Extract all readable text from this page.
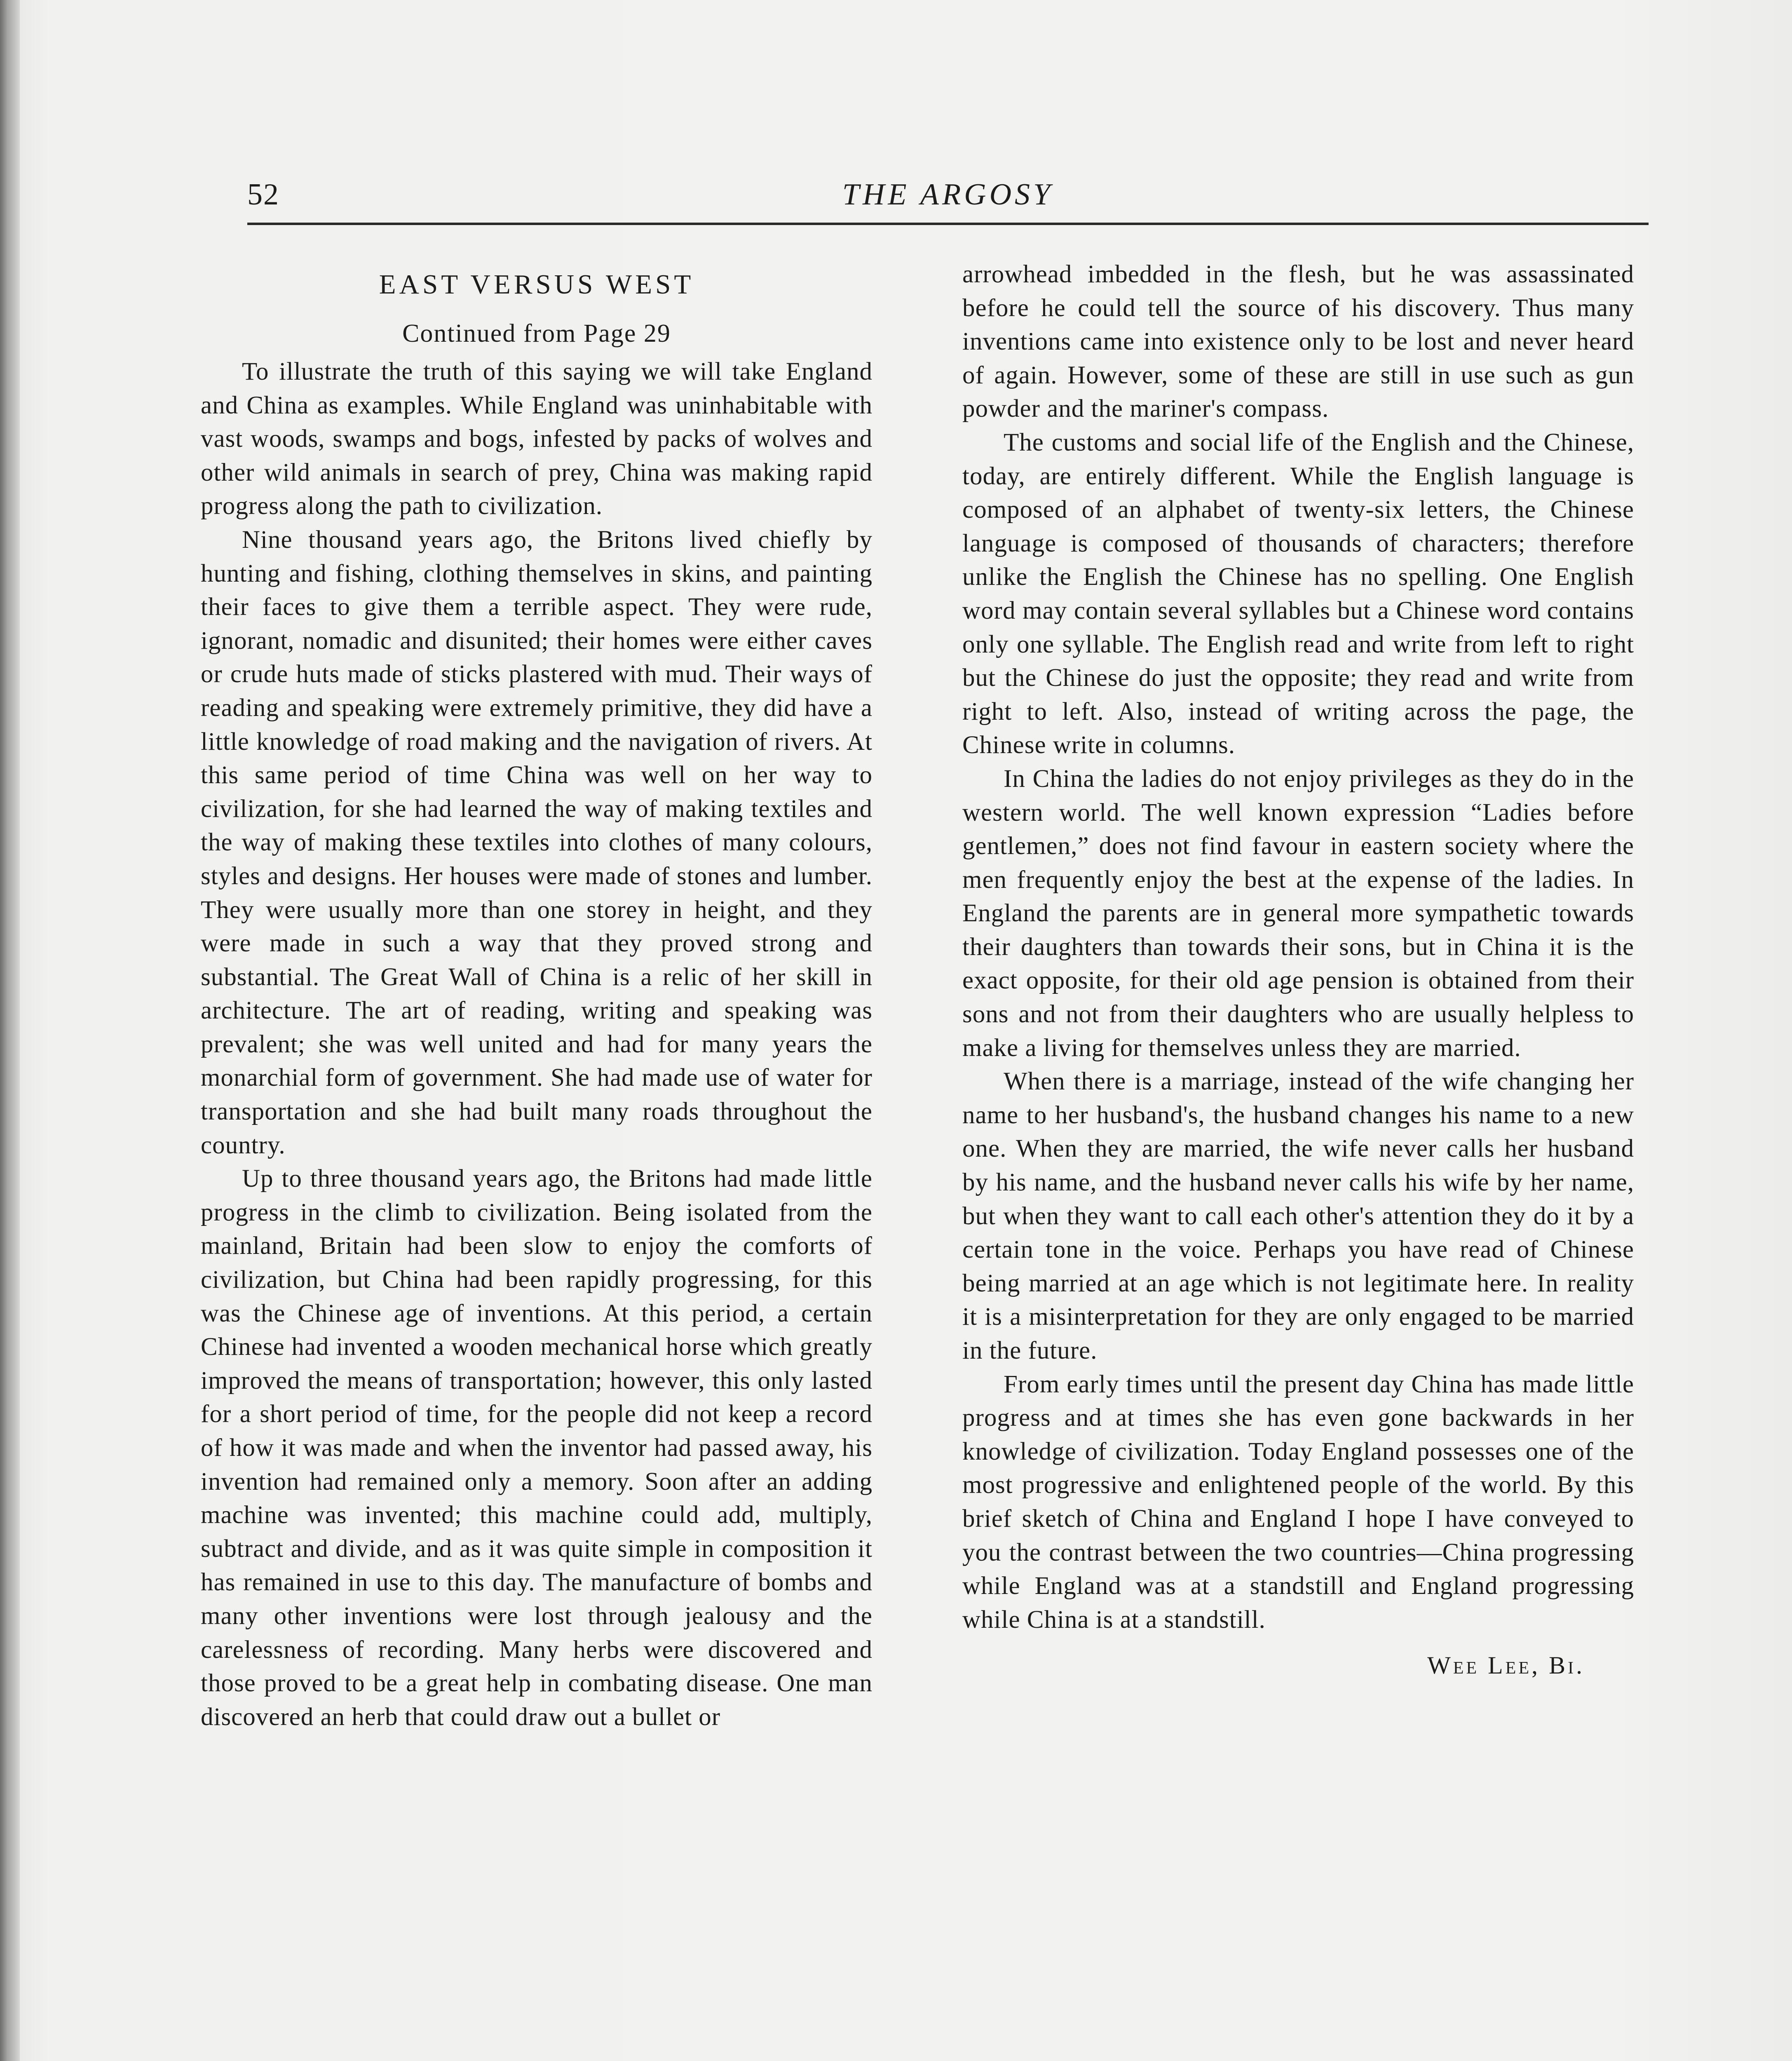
52	THE ARGOSY
EAST VERSUS WEST
Continued from Page 29

To illustrate the truth of this saying we will take England and China as examples. While England was uninhabitable with vast woods, swamps and bogs, infested by packs of wolves and other wild animals in search of prey, China was making rapid progress along the path to civilization.

Nine thousand years ago, the Britons lived chiefly by hunting and fishing, clothing themselves in skins, and painting their faces to give them a terrible aspect. They were rude, ignorant, nomadic and disunited; their homes were either caves or crude huts made of sticks plastered with mud. Their ways of reading and speaking were extremely primitive, they did have a little knowledge of road making and the navigation of rivers. At this same period of time China was well on her way to civilization, for she had learned the way of making textiles and the way of making these textiles into clothes of many colours, styles and designs. Her houses were made of stones and lumber. They were usually more than one storey in height, and they were made in such a way that they proved strong and substantial. The Great Wall of China is a relic of her skill in architecture. The art of reading, writing and speaking was prevalent; she was well united and had for many years the monarchial form of government. She had made use of water for transportation and she had built many roads throughout the country.

Up to three thousand years ago, the Britons had made little progress in the climb to civilization. Being isolated from the mainland, Britain had been slow to enjoy the comforts of civilization, but China had been rapidly progressing, for this was the Chinese age of inventions. At this period, a certain Chinese had invented a wooden mechanical horse which greatly improved the means of transportation; however, this only lasted for a short period of time, for the people did not keep a record of how it was made and when the inventor had passed away, his invention had remained only a memory. Soon after an adding machine was invented; this machine could add, multiply, subtract and divide, and as it was quite simple in composition it has remained in use to this day. The manufacture of bombs and many other inventions were lost through jealousy and the carelessness of recording. Many herbs were discovered and those proved to be a great help in combating disease. One man discovered an herb that could draw out a bullet or

arrowhead imbedded in the flesh, but he was assassinated before he could tell the source of his discovery. Thus many inventions came into existence only to be lost and never heard of again. However, some of these are still in use such as gun powder and the mariner's compass.

The customs and social life of the English and the Chinese, today, are entirely different. While the English language is composed of an alphabet of twenty-six letters, the Chinese language is composed of thousands of characters; therefore unlike the English the Chinese has no spelling. One English word may contain several syllables but a Chinese word contains only one syllable. The English read and write from left to right but the Chinese do just the opposite; they read and write from right to left. Also, instead of writing across the page, the Chinese write in columns.

In China the ladies do not enjoy privileges as they do in the western world. The well known expression “Ladies before gentlemen,” does not find favour in eastern society where the men frequently enjoy the best at the expense of the ladies. In England the parents are in general more sympathetic towards their daughters than towards their sons, but in China it is the exact opposite, for their old age pension is obtained from their sons and not from their daughters who are usually helpless to make a living for themselves unless they are married.

When there is a marriage, instead of the wife changing her name to her husband's, the husband changes his name to a new one. When they are married, the wife never calls her husband by his name, and the husband never calls his wife by her name, but when they want to call each other's attention they do it by a certain tone in the voice. Perhaps you have read of Chinese being married at an age which is not legitimate here. In reality it is a misinterpretation for they are only engaged to be married in the future.

From early times until the present day China has made little progress and at times she has even gone backwards in her knowledge of civilization. Today England possesses one of the most progressive and enlightened people of the world. By this brief sketch of China and England I hope I have conveyed to you the contrast between the two countries—China progressing while England was at a standstill and England progressing while China is at a standstill.

Wee Lee, Bi.
